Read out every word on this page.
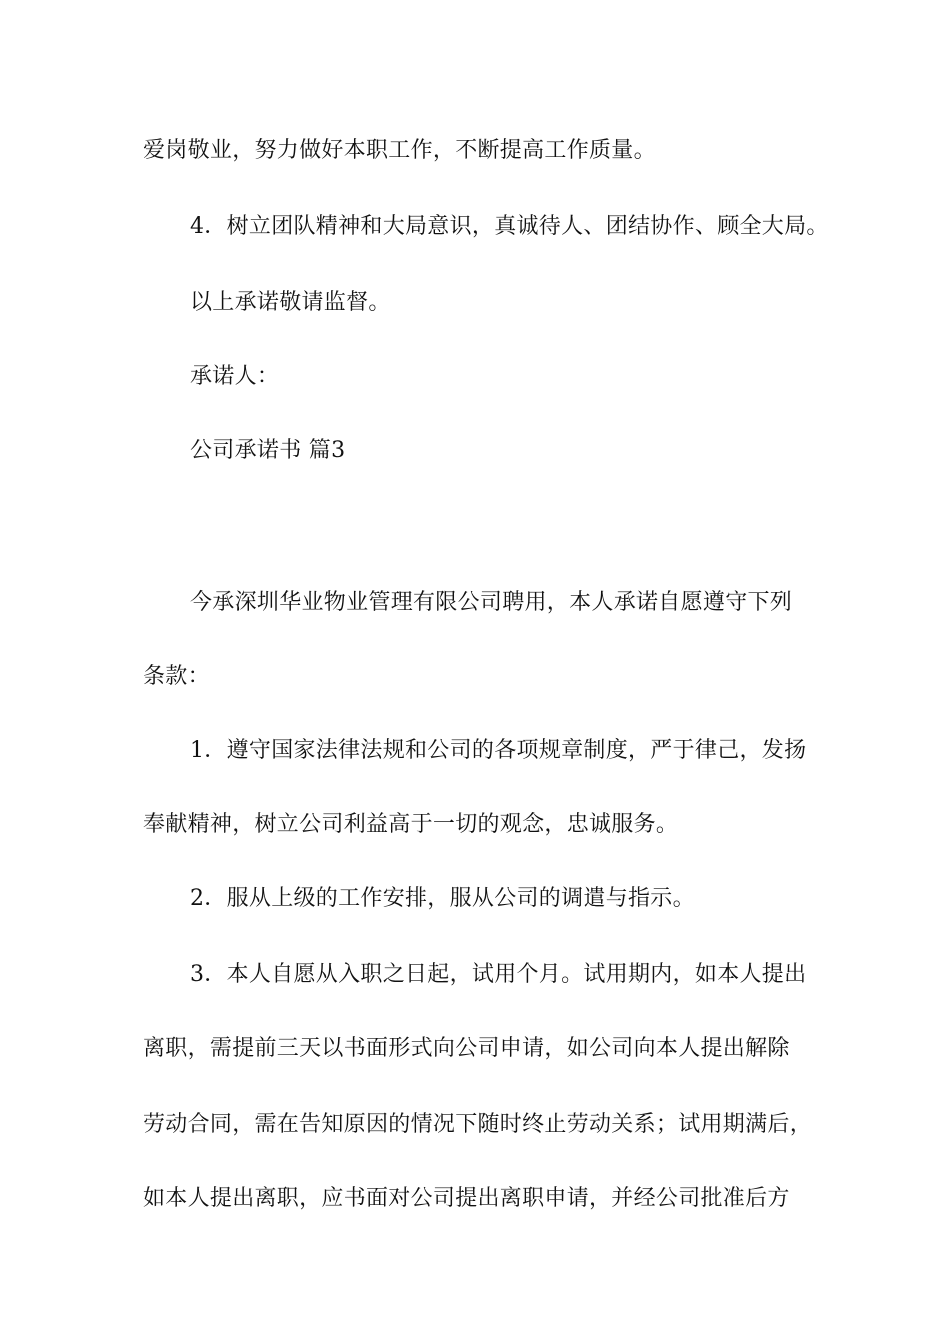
爱岗敬业，努力做好本职工作，不断提高工作质量。

4．树立团队精神和大局意识，真诚待人、团结协作、顾全大局。

以上承诺敬请监督。

承诺人：

公司承诺书 篇3

今承深圳华业物业管理有限公司聘用，本人承诺自愿遵守下列

条款：

1．遵守国家法律法规和公司的各项规章制度，严于律己，发扬

奉献精神，树立公司利益高于一切的观念，忠诚服务。

2．服从上级的工作安排，服从公司的调遣与指示。

3．本人自愿从入职之日起，试用个月。试用期内，如本人提出

离职，需提前三天以书面形式向公司申请，如公司向本人提出解除

劳动合同，需在告知原因的情况下随时终止劳动关系；试用期满后，

如本人提出离职，应书面对公司提出离职申请，并经公司批准后方
